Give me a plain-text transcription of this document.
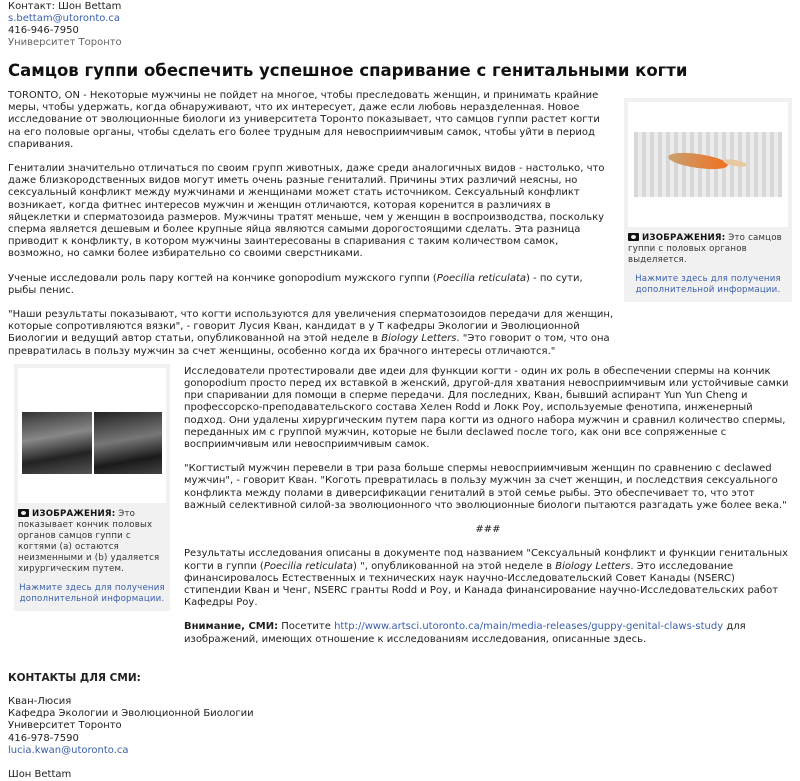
Контакт: Шон Bettam
s.bettam@utoronto.ca
416-946-7950
Университет Торонто
Самцов гуппи обеспечить успешное спаривание с генитальными когти
ИЗОБРАЖЕНИЯ: Это самцов гуппи с половых органов выделяется.
Нажмите здесь для получения дополнительной информации.

TORONTO, ON - Некоторые мужчины не пойдет на многое, чтобы преследовать женщин, и принимать крайние меры, чтобы удержать, когда обнаруживают, что их интересует, даже если любовь неразделенная. Новое исследование от эволюционные биологи из университета Торонто показывает, что самцов гуппи растет когти на его половые органы, чтобы сделать его более трудным для невосприимчивым самок, чтобы уйти в период спаривания.

Гениталии значительно отличаться по своим групп животных, даже среди аналогичных видов - настолько, что даже близкородственных видов могут иметь очень разные гениталий. Причины этих различий неясны, но сексуальный конфликт между мужчинами и женщинами может стать источником. Сексуальный конфликт возникает, когда фитнес интересов мужчин и женщин отличаются, которая коренится в различиях в яйцеклетки и сперматозоида размеров. Мужчины тратят меньше, чем у женщин в воспроизводства, поскольку сперма является дешевым и более крупные яйца являются самыми дорогостоящими сделать. Эта разница приводит к конфликту, в котором мужчины заинтересованы в спаривания с таким количеством самок, возможно, но самки более избирательно со своими сверстниками.

Ученые исследовали роль пару когтей на кончике gonopodium мужского гуппи (Poecilia reticulata) - по сути, рыбы пенис.

"Наши результаты показывают, что когти используются для увеличения сперматозоидов передачи для женщин, которые сопротивляются вязки", - говорит Лусия Кван, кандидат в у Т кафедры Экологии и Эволюционной Биологии и ведущий автор статьи, опубликованной на этой неделе в Biology Letters. "Это говорит о том, что она превратилась в пользу мужчин за счет женщины, особенно когда их брачного интересы отличаются."

ИЗОБРАЖЕНИЯ: Это показывает кончик половых органов самцов гуппи с когтями (a) остаются неизменными и (b) удаляется хирургическим путем.
Нажмите здесь для получения дополнительной информации.

Исследователи протестировали две идеи для функции когти - один их роль в обеспечении спермы на кончик gonopodium просто перед их вставкой в женский, другой-для хватания невосприимчивым или устойчивые самки при спаривании для помощи в сперме передачи. Для последних, Кван, бывший аспирант Yun Yun Cheng и профессорско-преподавательского состава Хелен Rodd и Локк Роу, используемые фенотипа, инженерный подход. Они удалены хирургическим путем пара когти из одного набора мужчин и сравнил количество спермы, переданных им с группой мужчин, которые не были declawed после того, как они все сопряженные с восприимчивым или невосприимчивым самок.

"Когтистый мужчин перевели в три раза больше спермы невосприимчивым женщин по сравнению с declawed мужчин", - говорит Кван. "Коготь превратилась в пользу мужчин за счет женщин, и последствия сексуального конфликта между полами в диверсификации гениталий в этой семье рыбы. Это обеспечивает то, что этот важный селективной силой-за эволюционного что эволюционные биологи пытаются разгадать уже более века."

###

Результаты исследования описаны в документе под названием "Сексуальный конфликт и функции генитальных когти в гуппи (Poecilia reticulata) ", опубликованной на этой неделе в Biology Letters. Это исследование финансировалось Естественных и технических наук научно-Исследовательский Совет Канады (NSERC) стипендии Кван и Ченг, NSERC гранты Rodd и Роу, и Канада финансирование научно-Исследовательских работ Кафедры Роу.

Внимание, СМИ: Посетите http://www.artsci.utoronto.ca/main/media-releases/guppy-genital-claws-study для изображений, имеющих отношение к исследованиям исследования, описанные здесь.

КОНТАКТЫ ДЛЯ СМИ:
Кван-Люсия
Кафедра Экологии и Эволюционной Биологии
Университет Торонто
416-978-7590
lucia.kwan@utoronto.ca
Шон Bettam
